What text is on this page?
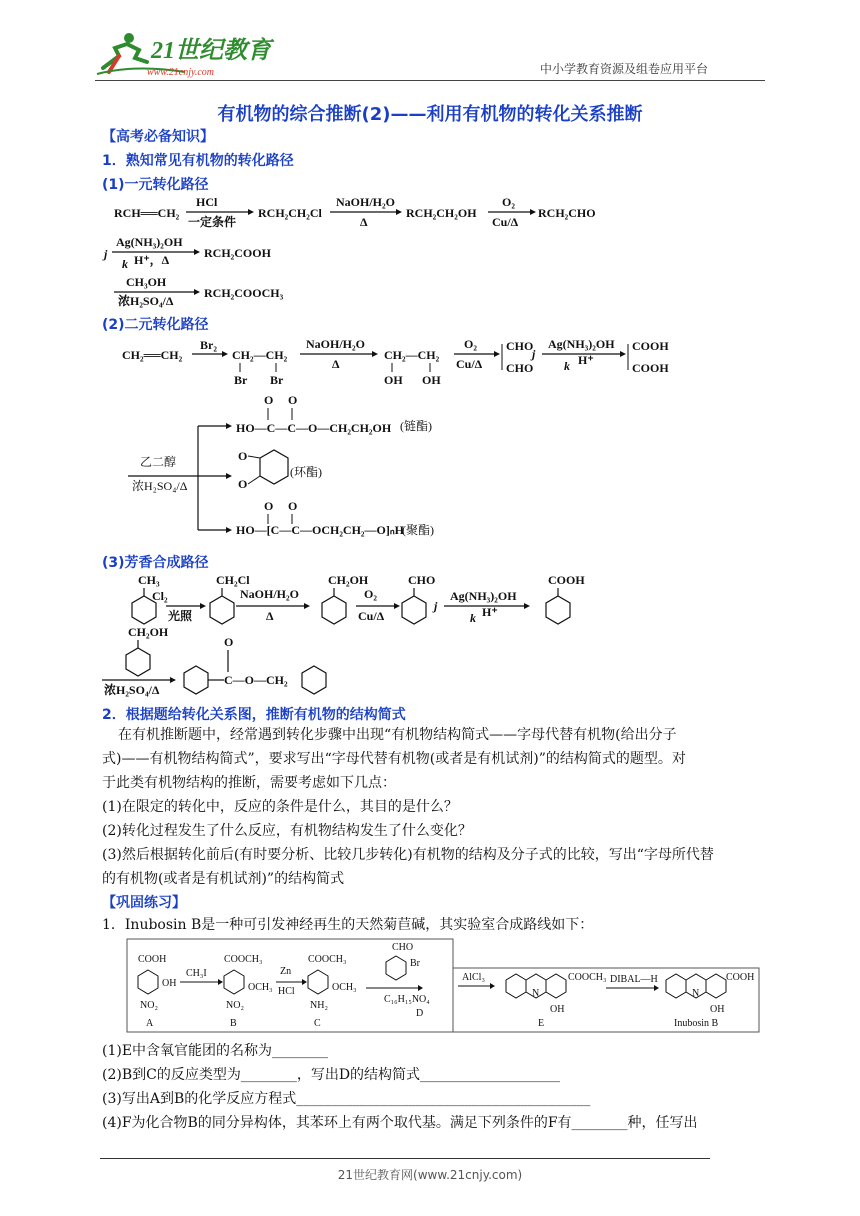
21世纪教育
www.21cnjy.com	中小学教育资源及组卷应用平台
有机物的综合推断(2)——利用有机物的转化关系推断
【高考必备知识】
1．熟知常见有机物的转化路径
(1)一元转化路径
RCH══CH₂
HCl
一定条件
RCH₂CH₂Cl
NaOH/H₂O
Δ
RCH₂CH₂OH
O₂
Cu/Δ
RCH₂CHO
j
Ag(NH₃)₂OH
k H⁺，Δ	RCH₂COOH
CH₃OH
浓H₂SO₄/Δ
RCH₂COOCH₃
(2)二元转化路径
CH₂══CH₂
Br₂
CH₂—CH₂
Br Br
NaOH/H₂O
Δ
CH₂—CH₂
OH OH
O₂
Cu/Δ
CHO
CHO
j
Ag(NH₃)₂OH
k H⁺
COOH
COOH
乙二醇
浓H₂SO₄/Δ
O O
HO—C—C—O—CH₂CH₂OH (链酯)
O
O
(环酯)
O O
HO—[C—C—OCH₂CH₂—O]ₙH
(聚酯)
(3)芳香合成路径
CH₃
Cl₂
光照
CH₂Cl
NaOH/H₂O
Δ
CH₂OH
O₂
Cu/Δ
CHO
j
Ag(NH₃)₂OH
k H⁺
COOH
CH₂OH
浓H₂SO₄/Δ
O
C—O—CH₂
2．根据题给转化关系图，推断有机物的结构简式
在有机推断题中，经常遇到转化步骤中出现“有机物结构简式——字母代替有机物(给出分子
式)——有机物结构简式”，要求写出“字母代替有机物(或者是有机试剂)”的结构简式的题型。对
于此类有机物结构的推断，需要考虑如下几点：
(1)在限定的转化中，反应的条件是什么，其目的是什么？
(2)转化过程发生了什么反应，有机物结构发生了什么变化？
(3)然后根据转化前后(有时要分析、比较几步转化)有机物的结构及分子式的比较，写出“字母所代替
的有机物(或者是有机试剂)”的结构简式
【巩固练习】
1．Inubosin B是一种可引发神经再生的天然菊苣碱，其实验室合成路线如下：
COOH
OH
NO₂
A
CH₃I
COOCH₃
OCH₃
NO₂
B
Zn
HCl
COOCH₃
OCH₃
NH₂
C
CHO
Br
C₁₆H₁₅NO₄
D
AlCl₃
N
COOCH₃
OH
E
DIBAL—H
N
COOH
OH
Inubosin B
(1)E中含氧官能团的名称为________
(2)B到C的反应类型为________，写出D的结构简式____________________
(3)写出A到B的化学反应方程式__________________________________________
(4)F为化合物B的同分异构体，其苯环上有两个取代基。满足下列条件的F有________种，任写出
21世纪教育网(www.21cnjy.com)
